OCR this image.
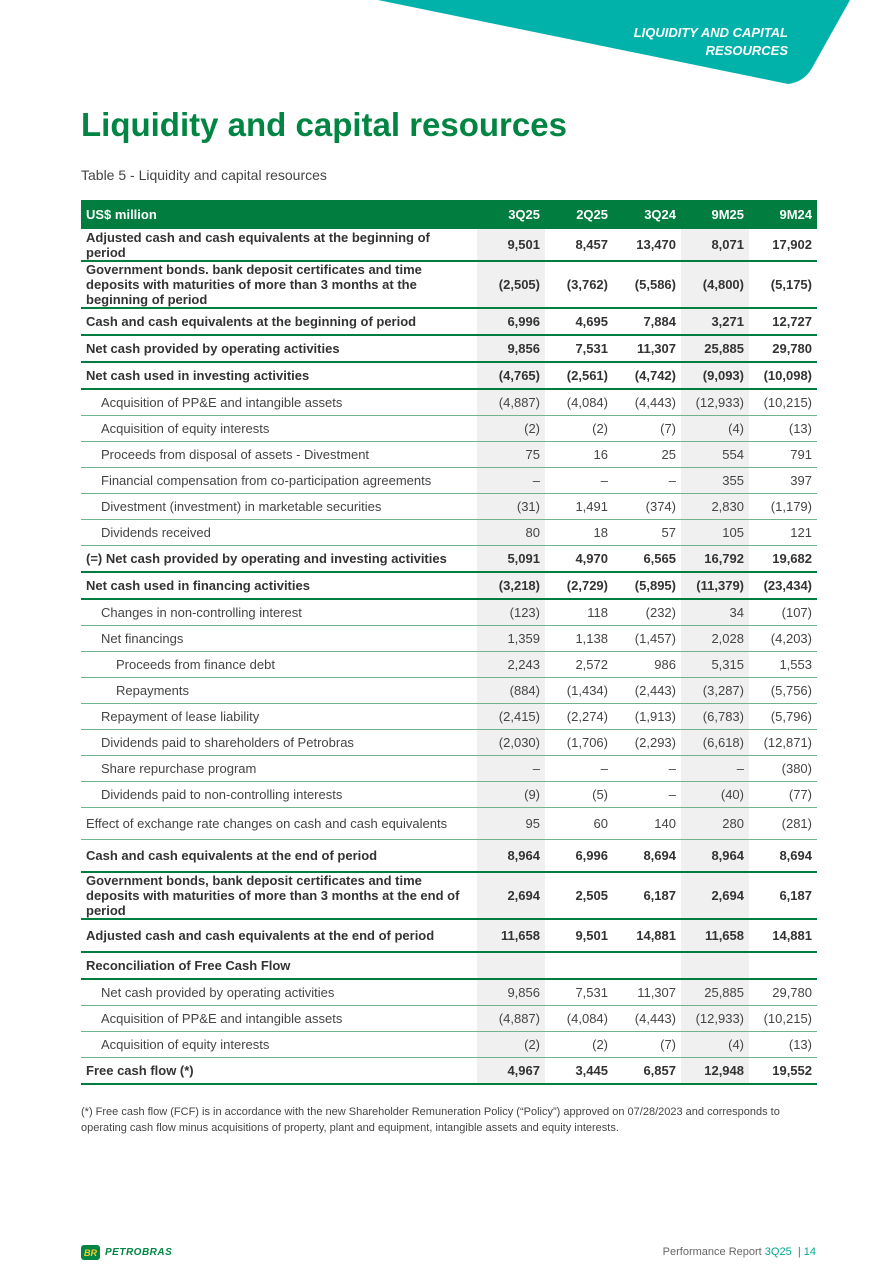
LIQUIDITY AND CAPITAL
RESOURCES
Liquidity and capital resources
Table 5 - Liquidity and capital resources
US$ million	3Q25	2Q25	3Q24	9M25	9M24
Adjusted cash and cash equivalents at the beginning of period	9,501	8,457	13,470	8,071	17,902
Government bonds. bank deposit certificates and time deposits with maturities of more than 3 months at the beginning of period	(2,505)	(3,762)	(5,586)	(4,800)	(5,175)
Cash and cash equivalents at the beginning of period	6,996	4,695	7,884	3,271	12,727
Net cash provided by operating activities	9,856	7,531	11,307	25,885	29,780
Net cash used in investing activities	(4,765)	(2,561)	(4,742)	(9,093)	(10,098)
Acquisition of PP&E and intangible assets	(4,887)	(4,084)	(4,443)	(12,933)	(10,215)
Acquisition of equity interests	(2)	(2)	(7)	(4)	(13)
Proceeds from disposal of assets - Divestment	75	16	25	554	791
Financial compensation from co-participation agreements	–	–	–	355	397
Divestment (investment) in marketable securities	(31)	1,491	(374)	2,830	(1,179)
Dividends received	80	18	57	105	121
(=) Net cash provided by operating and investing activities	5,091	4,970	6,565	16,792	19,682
Net cash used in financing activities	(3,218)	(2,729)	(5,895)	(11,379)	(23,434)
Changes in non-controlling interest	(123)	118	(232)	34	(107)
Net financings	1,359	1,138	(1,457)	2,028	(4,203)
Proceeds from finance debt	2,243	2,572	986	5,315	1,553
Repayments	(884)	(1,434)	(2,443)	(3,287)	(5,756)
Repayment of lease liability	(2,415)	(2,274)	(1,913)	(6,783)	(5,796)
Dividends paid to shareholders of Petrobras	(2,030)	(1,706)	(2,293)	(6,618)	(12,871)
Share repurchase program	–	–	–	–	(380)
Dividends paid to non-controlling interests	(9)	(5)	–	(40)	(77)
Effect of exchange rate changes on cash and cash equivalents	95	60	140	280	(281)
Cash and cash equivalents at the end of period	8,964	6,996	8,694	8,964	8,694
Government bonds, bank deposit certificates and time deposits with maturities of more than 3 months at the end of period	2,694	2,505	6,187	2,694	6,187
Adjusted cash and cash equivalents at the end of period	11,658	9,501	14,881	11,658	14,881
Reconciliation of Free Cash Flow					
Net cash provided by operating activities	9,856	7,531	11,307	25,885	29,780
Acquisition of PP&E and intangible assets	(4,887)	(4,084)	(4,443)	(12,933)	(10,215)
Acquisition of equity interests	(2)	(2)	(7)	(4)	(13)
Free cash flow (*)	4,967	3,445	6,857	12,948	19,552
(*) Free cash flow (FCF) is in accordance with the new Shareholder Remuneration Policy (“Policy”) approved on 07/28/2023 and corresponds to operating cash flow minus acquisitions of property, plant and equipment, intangible assets and equity interests.
BR PETROBRAS	Performance Report 3Q25 | 14
